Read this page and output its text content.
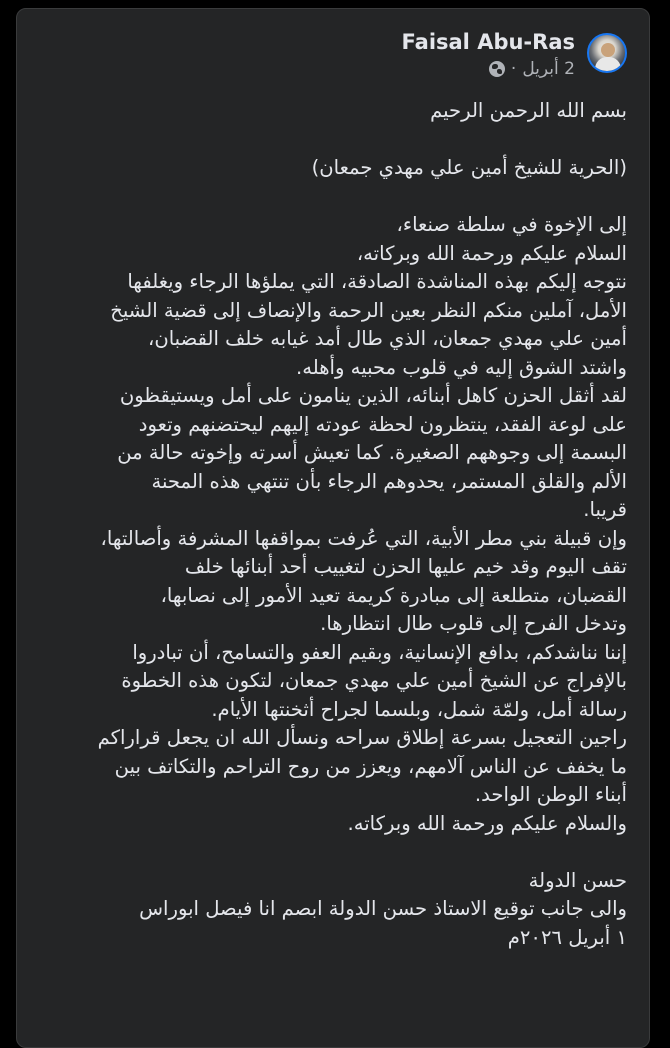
Faisal Abu-Ras
· 2 أبريل
بسم الله الرحمن الرحيم
(الحرية للشيخ أمين علي مهدي جمعان)
إلى الإخوة في سلطة صنعاء،
السلام عليكم ورحمة الله وبركاته،
نتوجه إليكم بهذه المناشدة الصادقة، التي يملؤها الرجاء ويغلفها
الأمل، آملين منكم النظر بعين الرحمة والإنصاف إلى قضية الشيخ
أمين علي مهدي جمعان، الذي طال أمد غيابه خلف القضبان،
واشتد الشوق إليه في قلوب محبيه وأهله.
لقد أثقل الحزن كاهل أبنائه، الذين ينامون على أمل ويستيقظون
على لوعة الفقد، ينتظرون لحظة عودته إليهم ليحتضنهم وتعود
البسمة إلى وجوههم الصغيرة. كما تعيش أسرته وإخوته حالة من
الألم والقلق المستمر، يحدوهم الرجاء بأن تنتهي هذه المحنة
قريبا.
وإن قبيلة بني مطر الأبية، التي عُرفت بمواقفها المشرفة وأصالتها،
تقف اليوم وقد خيم عليها الحزن لتغييب أحد أبنائها خلف
القضبان، متطلعة إلى مبادرة كريمة تعيد الأمور إلى نصابها،
وتدخل الفرح إلى قلوب طال انتظارها.
إننا نناشدكم، بدافع الإنسانية، وبقيم العفو والتسامح، أن تبادروا
بالإفراج عن الشيخ أمين علي مهدي جمعان، لتكون هذه الخطوة
رسالة أمل، ولمّة شمل، وبلسما لجراح أثخنتها الأيام.
راجين التعجيل بسرعة إطلاق سراحه ونسأل الله ان يجعل قراراكم
ما يخفف عن الناس آلامهم، ويعزز من روح التراحم والتكاتف بين
أبناء الوطن الواحد.
والسلام عليكم ورحمة الله وبركاته.
حسن الدولة
والى جانب توقيع الاستاذ حسن الدولة ابصم انا فيصل ابوراس
١ أبريل ٢٠٢٦م
